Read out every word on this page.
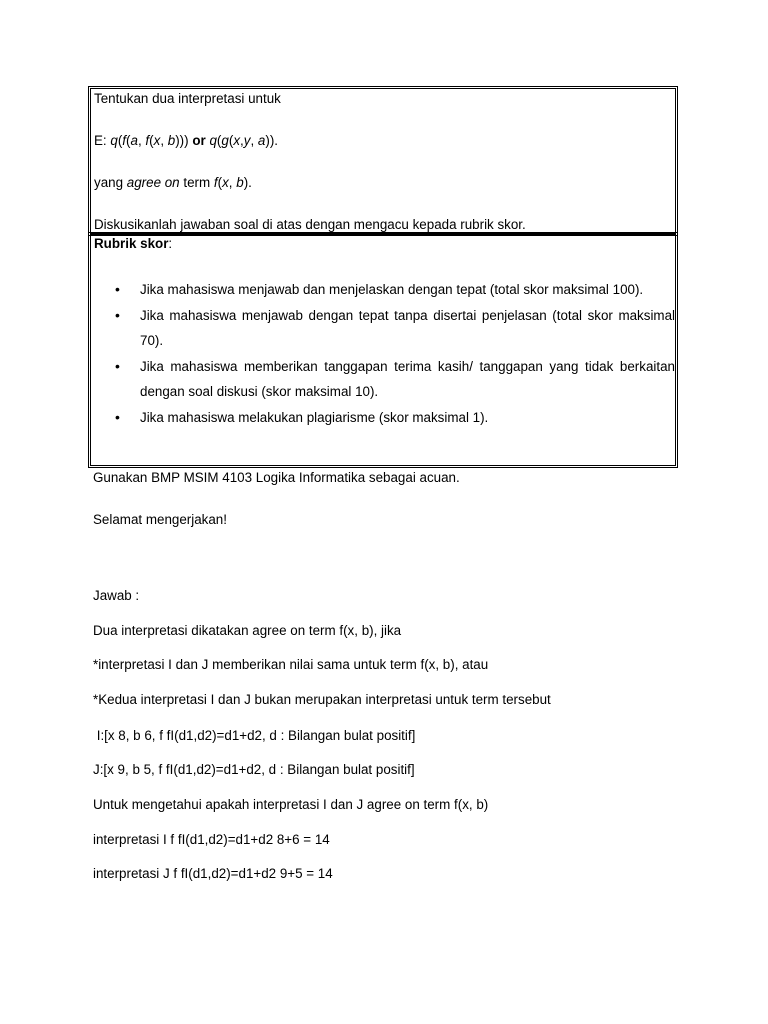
Tentukan dua interpretasi untuk
E: q(f(a, f(x, b))) or q(g(x,y, a)).
yang agree on term f(x, b).
Diskusikanlah jawaban soal di atas dengan mengacu kepada rubrik skor.
Rubrik skor:
• Jika mahasiswa menjawab dan menjelaskan dengan tepat (total skor maksimal 100).
• Jika mahasiswa menjawab dengan tepat tanpa disertai penjelasan (total skor maksimal 70).
• Jika mahasiswa memberikan tanggapan terima kasih/ tanggapan yang tidak berkaitan dengan soal diskusi (skor maksimal 10).
• Jika mahasiswa melakukan plagiarisme (skor maksimal 1).
Gunakan BMP MSIM 4103 Logika Informatika sebagai acuan.
Selamat mengerjakan!
Jawab :
Dua interpretasi dikatakan agree on term f(x, b), jika
*interpretasi I dan J memberikan nilai sama untuk term f(x, b), atau
*Kedua interpretasi I dan J bukan merupakan interpretasi untuk term tersebut
I:[x 8, b 6, f fI(d1,d2)=d1+d2, d : Bilangan bulat positif]
J:[x 9, b 5, f fI(d1,d2)=d1+d2, d : Bilangan bulat positif]
Untuk mengetahui apakah interpretasi I dan J agree on term f(x, b)
interpretasi I f fI(d1,d2)=d1+d2 8+6 = 14
interpretasi J f fI(d1,d2)=d1+d2 9+5 = 14
